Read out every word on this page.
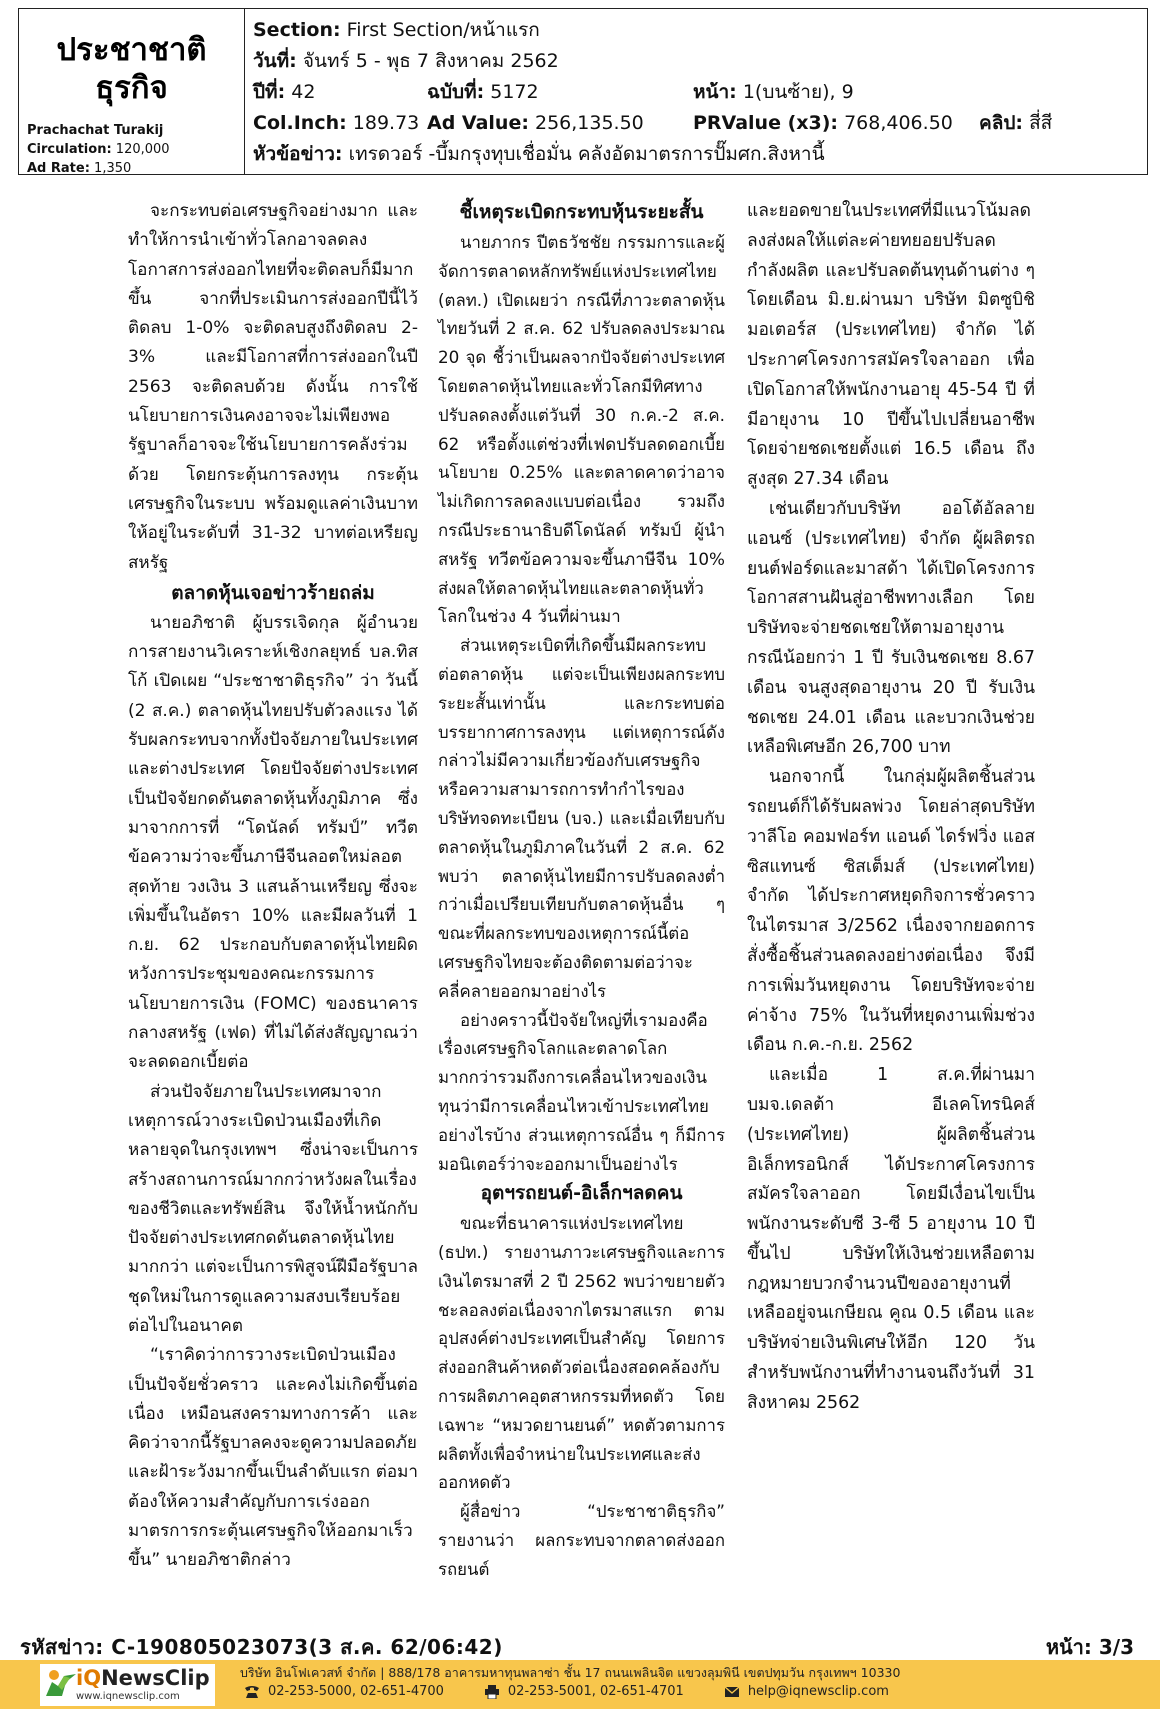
ประชาชาติ
ธุรกิจ
Prachachat Turakij
Circulation: 120,000
Ad Rate: 1,350
Section: First Section/หน้าแรก
วันที่: จันทร์ 5 - พุธ 7 สิงหาคม 2562
ปีที่: 42	ฉบับที่: 5172	หน้า: 1(บนซ้าย), 9
Col.Inch: 189.73 Ad Value: 256,135.50	PRValue (x3): 768,406.50 คลิป: สี่สี
หัวข้อข่าว: เทรดวอร์ -บึ้มกรุงทุบเชื่อมั่น คลังอัดมาตรการปั๊มศก.สิงหานี้

จะกระทบต่อเศรษฐกิจอย่างมาก และทำให้การนำเข้าทั่วโลกอาจลดลง โอกาสการส่งออกไทยที่จะติดลบก็มีมากขึ้น จากที่ประเมินการส่งออกปีนี้ไว้ติดลบ 1-0% จะติดลบสูงถึงติดลบ 2-3% และมีโอกาสที่การส่งออกในปี 2563 จะติดลบด้วย ดังนั้น การใช้นโยบายการเงินคงอาจจะไม่เพียงพอ รัฐบาลก็อาจจะใช้นโยบายการคลังร่วมด้วย โดยกระตุ้นการลงทุน กระตุ้นเศรษฐกิจในระบบ พร้อมดูแลค่าเงินบาทให้อยู่ในระดับที่ 31-32 บาทต่อเหรียญสหรัฐ

ตลาดหุ้นเจอข่าวร้ายถล่ม

นายอภิชาติ ผู้บรรเจิดกุล ผู้อำนวยการสายงานวิเคราะห์เชิงกลยุทธ์ บล.ทิสโก้ เปิดเผย “ประชาชาติธุรกิจ” ว่า วันนี้ (2 ส.ค.) ตลาดหุ้นไทยปรับตัวลงแรง ได้รับผลกระทบจากทั้งปัจจัยภายในประเทศและต่างประเทศ โดยปัจจัยต่างประเทศเป็นปัจจัยกดดันตลาดหุ้นทั้งภูมิภาค ซึ่งมาจากการที่ “โดนัลด์ ทรัมป์” ทวีตข้อความว่าจะขึ้นภาษีจีนลอตใหม่ลอตสุดท้าย วงเงิน 3 แสนล้านเหรียญ ซึ่งจะเพิ่มขึ้นในอัตรา 10% และมีผลวันที่ 1 ก.ย. 62 ประกอบกับตลาดหุ้นไทยผิดหวังการประชุมของคณะกรรมการนโยบายการเงิน (FOMC) ของธนาคารกลางสหรัฐ (เฟด) ที่ไม่ได้ส่งสัญญาณว่าจะลดดอกเบี้ยต่อ

ส่วนปัจจัยภายในประเทศมาจากเหตุการณ์วางระเบิดป่วนเมืองที่เกิดหลายจุดในกรุงเทพฯ ซึ่งน่าจะเป็นการสร้างสถานการณ์มากกว่าหวังผลในเรื่องของชีวิตและทรัพย์สิน จึงให้น้ำหนักกับปัจจัยต่างประเทศกดดันตลาดหุ้นไทยมากกว่า แต่จะเป็นการพิสูจน์ฝีมือรัฐบาลชุดใหม่ในการดูแลความสงบเรียบร้อยต่อไปในอนาคต

“เราคิดว่าการวางระเบิดป่วนเมืองเป็นปัจจัยชั่วคราว และคงไม่เกิดขึ้นต่อเนื่อง เหมือนสงครามทางการค้า และคิดว่าจากนี้รัฐบาลคงจะดูความปลอดภัยและฝ้าระวังมากขึ้นเป็นลำดับแรก ต่อมาต้องให้ความสำคัญกับการเร่งออกมาตรการกระตุ้นเศรษฐกิจให้ออกมาเร็วขึ้น” นายอภิชาติกล่าว

ชี้เหตุระเบิดกระทบหุ้นระยะสั้น

นายภากร ปีตธวัชชัย กรรมการและผู้จัดการตลาดหลักทรัพย์แห่งประเทศไทย (ตลท.) เปิดเผยว่า กรณีที่ภาวะตลาดหุ้นไทยวันที่ 2 ส.ค. 62 ปรับลดลงประมาณ 20 จุด ชี้ว่าเป็นผลจากปัจจัยต่างประเทศ โดยตลาดหุ้นไทยและทั่วโลกมีทิศทางปรับลดลงตั้งแต่วันที่ 30 ก.ค.-2 ส.ค. 62 หรือตั้งแต่ช่วงที่เฟดปรับลดดอกเบี้ยนโยบาย 0.25% และตลาดคาดว่าอาจไม่เกิดการลดลงแบบต่อเนื่อง รวมถึงกรณีประธานาธิบดีโดนัลด์ ทรัมป์ ผู้นำสหรัฐ ทวีตข้อความจะขึ้นภาษีจีน 10% ส่งผลให้ตลาดหุ้นไทยและตลาดหุ้นทั่วโลกในช่วง 4 วันที่ผ่านมา

ส่วนเหตุระเบิดที่เกิดขึ้นมีผลกระทบต่อตลาดหุ้น แต่จะเป็นเพียงผลกระทบระยะสั้นเท่านั้น และกระทบต่อบรรยากาศการลงทุน แต่เหตุการณ์ดังกล่าวไม่มีความเกี่ยวข้องกับเศรษฐกิจหรือความสามารถการทำกำไรของบริษัทจดทะเบียน (บจ.) และเมื่อเทียบกับตลาดหุ้นในภูมิภาคในวันที่ 2 ส.ค. 62 พบว่า ตลาดหุ้นไทยมีการปรับลดลงต่ำกว่าเมื่อเปรียบเทียบกับตลาดหุ้นอื่น ๆ ขณะที่ผลกระทบของเหตุการณ์นี้ต่อเศรษฐกิจไทยจะต้องติดตามต่อว่าจะคลี่คลายออกมาอย่างไร

อย่างคราวนี้ปัจจัยใหญ่ที่เรามองคือเรื่องเศรษฐกิจโลกและตลาดโลกมากกว่ารวมถึงการเคลื่อนไหวของเงินทุนว่ามีการเคลื่อนไหวเข้าประเทศไทยอย่างไรบ้าง ส่วนเหตุการณ์อื่น ๆ ก็มีการมอนิเตอร์ว่าจะออกมาเป็นอย่างไร

อุตฯรถยนต์-อิเล็กฯลดคน

ขณะที่ธนาคารแห่งประเทศไทย (ธปท.) รายงานภาวะเศรษฐกิจและการเงินไตรมาสที่ 2 ปี 2562 พบว่าขยายตัวชะลอลงต่อเนื่องจากไตรมาสแรก ตามอุปสงค์ต่างประเทศเป็นสำคัญ โดยการส่งออกสินค้าหดตัวต่อเนื่องสอดคล้องกับการผลิตภาคอุตสาหกรรมที่หดตัว โดยเฉพาะ “หมวดยานยนต์” หดตัวตามการผลิตทั้งเพื่อจำหน่ายในประเทศและส่งออกหดตัว

ผู้สื่อข่าว “ประชาชาติธุรกิจ” รายงานว่า ผลกระทบจากตลาดส่งออกรถยนต์

และยอดขายในประเทศที่มีแนวโน้มลดลงส่งผลให้แต่ละค่ายทยอยปรับลดกำลังผลิต และปรับลดต้นทุนด้านต่าง ๆ โดยเดือน มิ.ย.ผ่านมา บริษัท มิตซูบิชิ มอเตอร์ส (ประเทศไทย) จำกัด ได้ประกาศโครงการสมัครใจลาออก เพื่อเปิดโอกาสให้พนักงานอายุ 45-54 ปี ที่มีอายุงาน 10 ปีขึ้นไปเปลี่ยนอาชีพ โดยจ่ายชดเชยตั้งแต่ 16.5 เดือน ถึงสูงสุด 27.34 เดือน

เช่นเดียวกับบริษัท ออโต้อัลลายแอนซ์ (ประเทศไทย) จำกัด ผู้ผลิตรถยนต์ฟอร์ดและมาสด้า ได้เปิดโครงการโอกาสสานฝันสู่อาชีพทางเลือก โดยบริษัทจะจ่ายชดเชยให้ตามอายุงาน กรณีน้อยกว่า 1 ปี รับเงินชดเชย 8.67 เดือน จนสูงสุดอายุงาน 20 ปี รับเงินชดเชย 24.01 เดือน และบวกเงินช่วยเหลือพิเศษอีก 26,700 บาท

นอกจากนี้ ในกลุ่มผู้ผลิตชิ้นส่วนรถยนต์ก็ได้รับผลพ่วง โดยล่าสุดบริษัท วาลีโอ คอมฟอร์ท แอนด์ ไดร์ฟวิ่ง แอสซิสแทนซ์ ซิสเต็มส์ (ประเทศไทย) จำกัด ได้ประกาศหยุดกิจการชั่วคราวในไตรมาส 3/2562 เนื่องจากยอดการสั่งซื้อชิ้นส่วนลดลงอย่างต่อเนื่อง จึงมีการเพิ่มวันหยุดงาน โดยบริษัทจะจ่ายค่าจ้าง 75% ในวันที่หยุดงานเพิ่มช่วงเดือน ก.ค.-ก.ย. 2562

และเมื่อ 1 ส.ค.ที่ผ่านมา บมจ.เดลต้า อีเลคโทรนิคส์ (ประเทศไทย) ผู้ผลิตชิ้นส่วนอิเล็กทรอนิกส์ ได้ประกาศโครงการสมัครใจลาออก โดยมีเงื่อนไขเป็นพนักงานระดับซี 3-ซี 5 อายุงาน 10 ปีขึ้นไป บริษัทให้เงินช่วยเหลือตามกฎหมายบวกจำนวนปีของอายุงานที่เหลืออยู่จนเกษียณ คูณ 0.5 เดือน และบริษัทจ่ายเงินพิเศษให้อีก 120 วัน สำหรับพนักงานที่ทำงานจนถึงวันที่ 31 สิงหาคม 2562

รหัสข่าว: C-190805023073(3 ส.ค. 62/06:42)	หน้า: 3/3
iQNewsClip
www.iqnewsclip.com
บริษัท อินโฟเควสท์ จำกัด | 888/178 อาคารมหาทุนพลาซ่า ชั้น 17 ถนนเพลินจิต แขวงลุมพินี เขตปทุมวัน กรุงเทพฯ 10330
02-253-5000, 02-651-4700	02-253-5001, 02-651-4701	help@iqnewsclip.com
